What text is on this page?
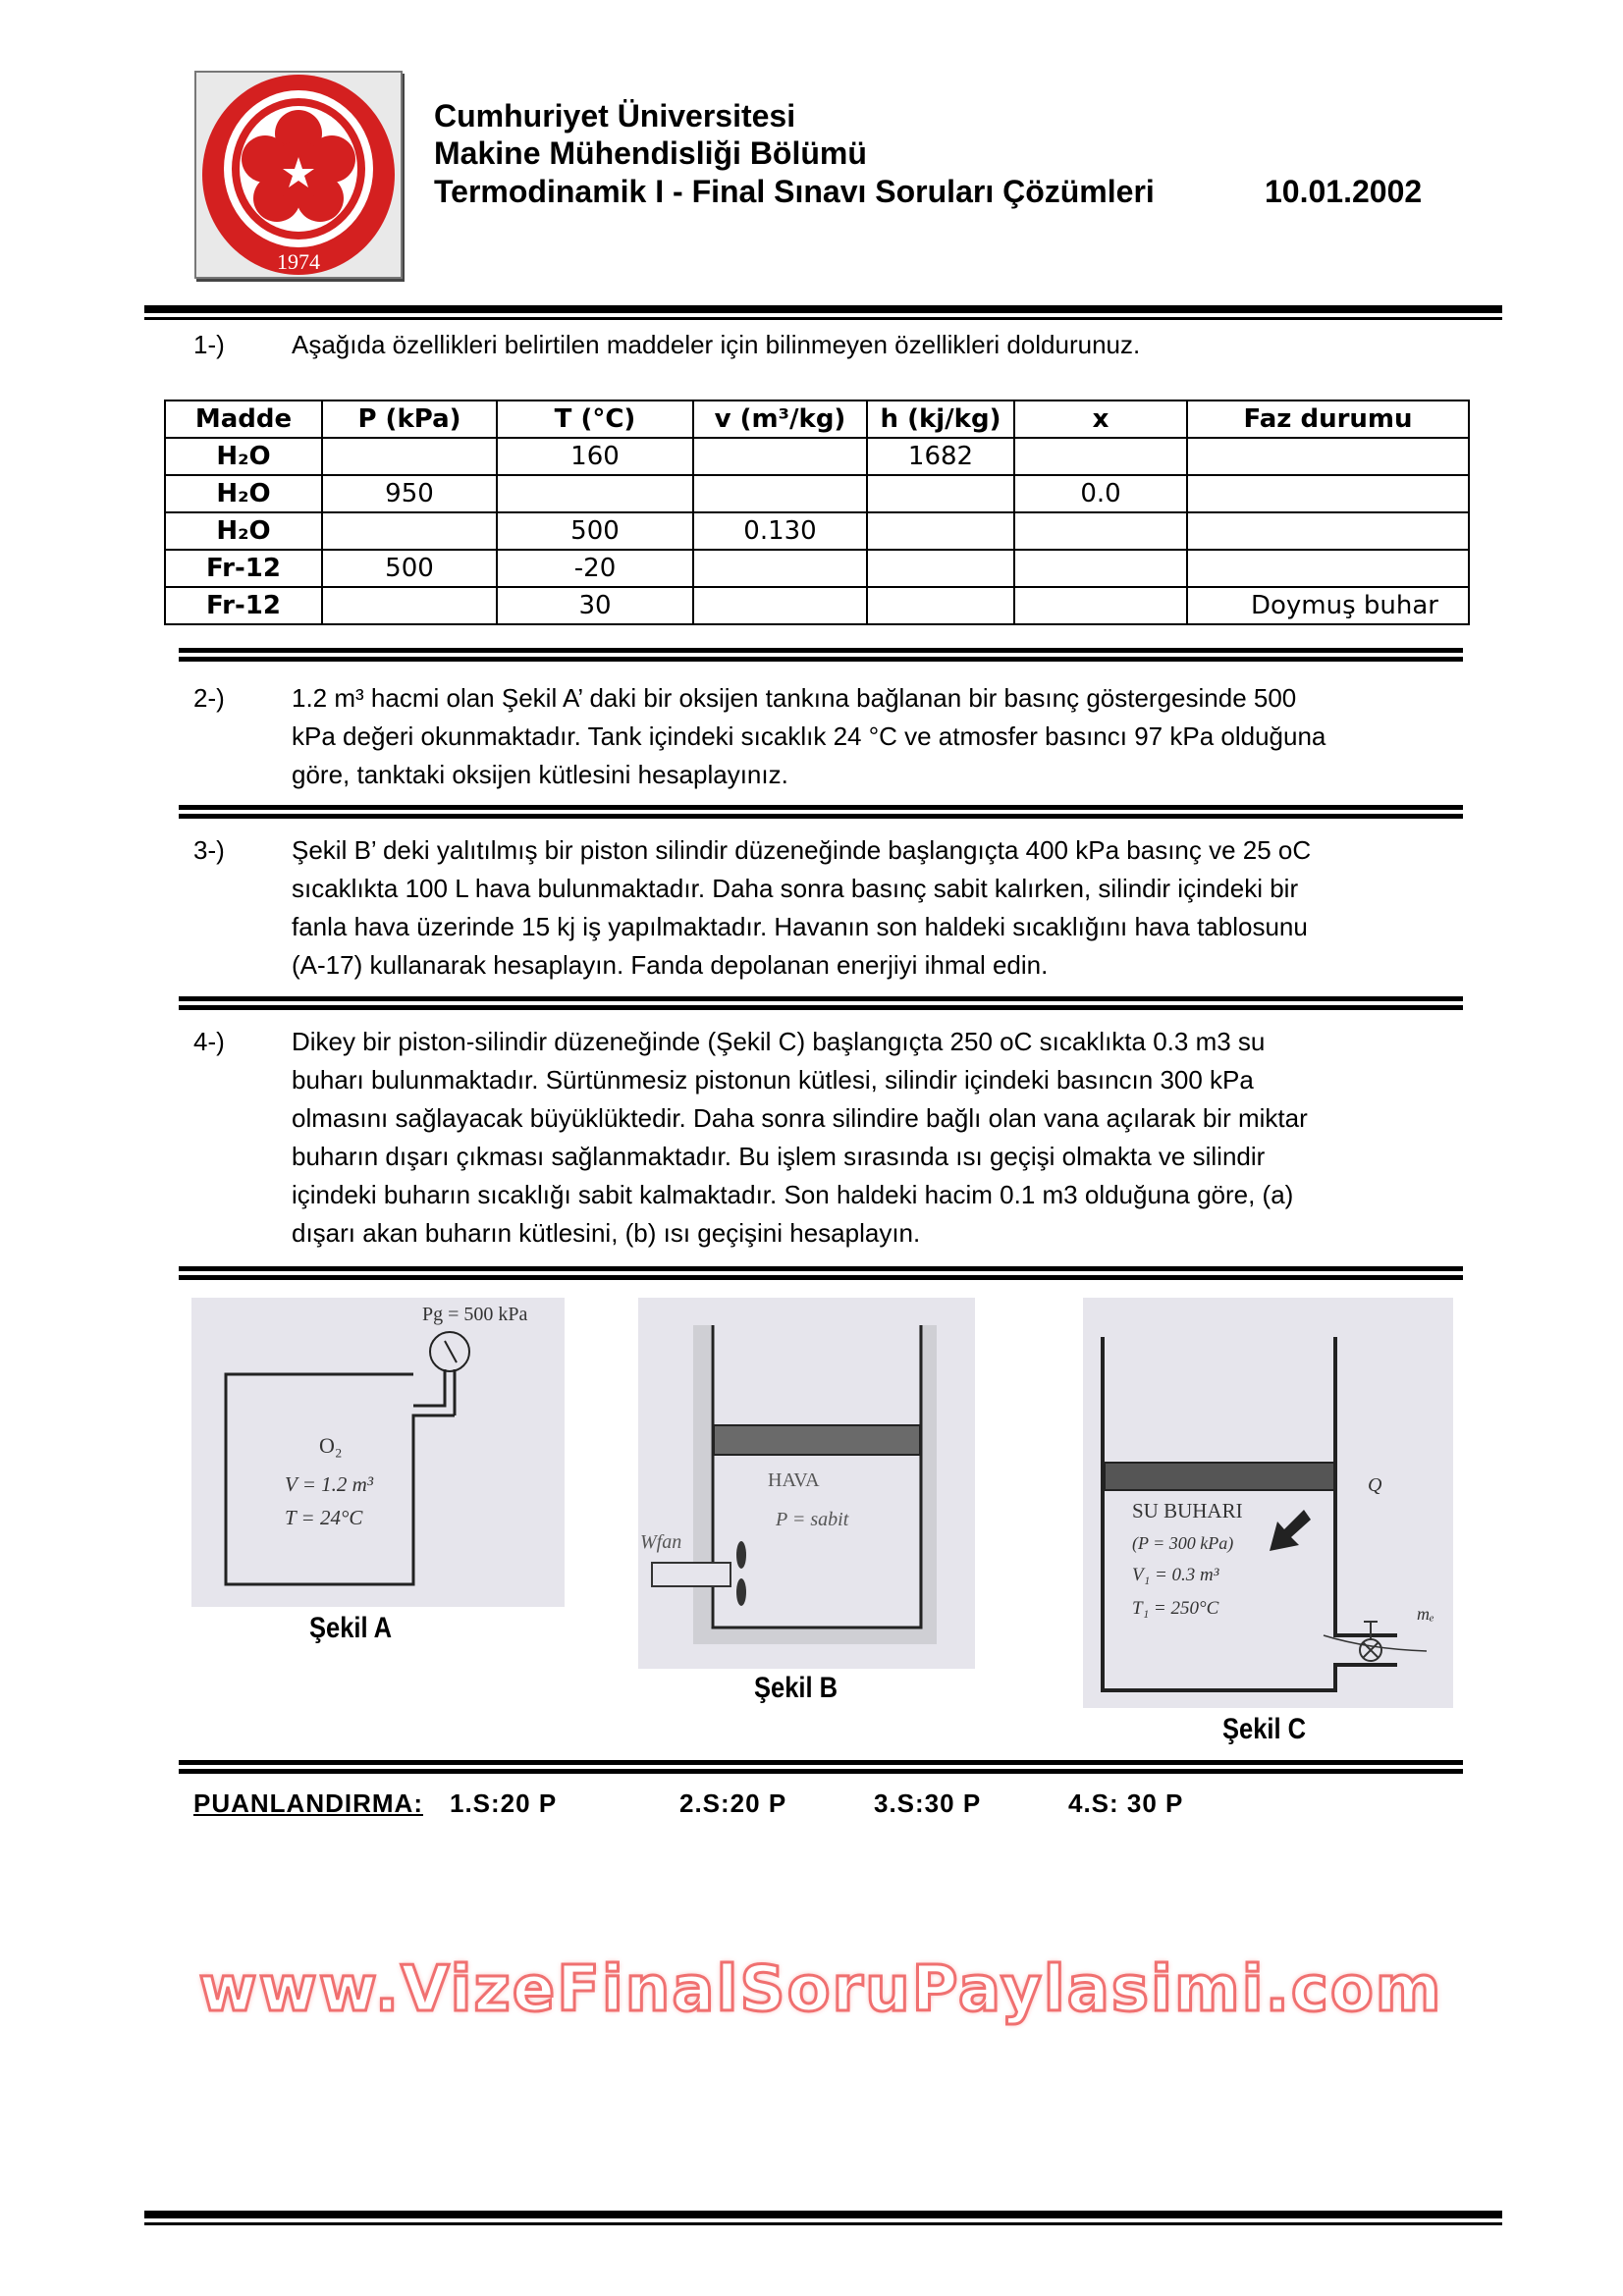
1974
Cumhuriyet Üniversitesi
Makine Mühendisliği Bölümü
Termodinamik I - Final Sınavı Soruları Çözümleri	10.01.2002
1-)	Aşağıda özellikleri belirtilen maddeler için bilinmeyen özellikleri doldurunuz.
Madde	P (kPa)	T (°C)	v (m³/kg)	h (kj/kg)	x	Faz durumu
H₂O		160		1682		
H₂O	950				0.0	
H₂O		500	0.130			
Fr-12	500	-20				
Fr-12		30				Doymuş buhar
2-)	1.2 m³ hacmi olan Şekil A’ daki bir oksijen tankına bağlanan bir basınç göstergesinde 500
kPa değeri okunmaktadır. Tank içindeki sıcaklık 24 °C ve atmosfer basıncı 97 kPa olduğuna
göre, tanktaki oksijen kütlesini hesaplayınız.
3-)	Şekil B’ deki yalıtılmış bir piston silindir düzeneğinde başlangıçta 400 kPa basınç ve 25 oC
sıcaklıkta 100 L hava bulunmaktadır. Daha sonra basınç sabit kalırken, silindir içindeki bir
fanla hava üzerinde 15 kj iş yapılmaktadır. Havanın son haldeki sıcaklığını hava tablosunu
(A-17) kullanarak hesaplayın. Fanda depolanan enerjiyi ihmal edin.
4-)	Dikey bir piston-silindir düzeneğinde (Şekil C) başlangıçta 250 oC sıcaklıkta 0.3 m3 su
buharı bulunmaktadır. Sürtünmesiz pistonun kütlesi, silindir içindeki basıncın 300 kPa
olmasını sağlayacak büyüklüktedir. Daha sonra silindire bağlı olan vana açılarak bir miktar
buharın dışarı çıkması sağlanmaktadır. Bu işlem sırasında ısı geçişi olmakta ve silindir
içindeki buharın sıcaklığı sabit kalmaktadır. Son haldeki hacim 0.1 m3 olduğuna göre, (a)
dışarı akan buharın kütlesini, (b) ısı geçişini hesaplayın.
Pg = 500 kPa
O₂
V = 1.2 m³
T = 24°C
Şekil A
HAVA
P = sabit
Wfan
Şekil B
SU BUHARI
(P = 300 kPa)
V₁ = 0.3 m³
T₁ = 250°C
Q
mₑ
Şekil C
PUANLANDIRMA: 1.S:20 P	2.S:20 P	3.S:30 P	4.S: 30 P
www.VizeFinalSoruPaylasimi.com
